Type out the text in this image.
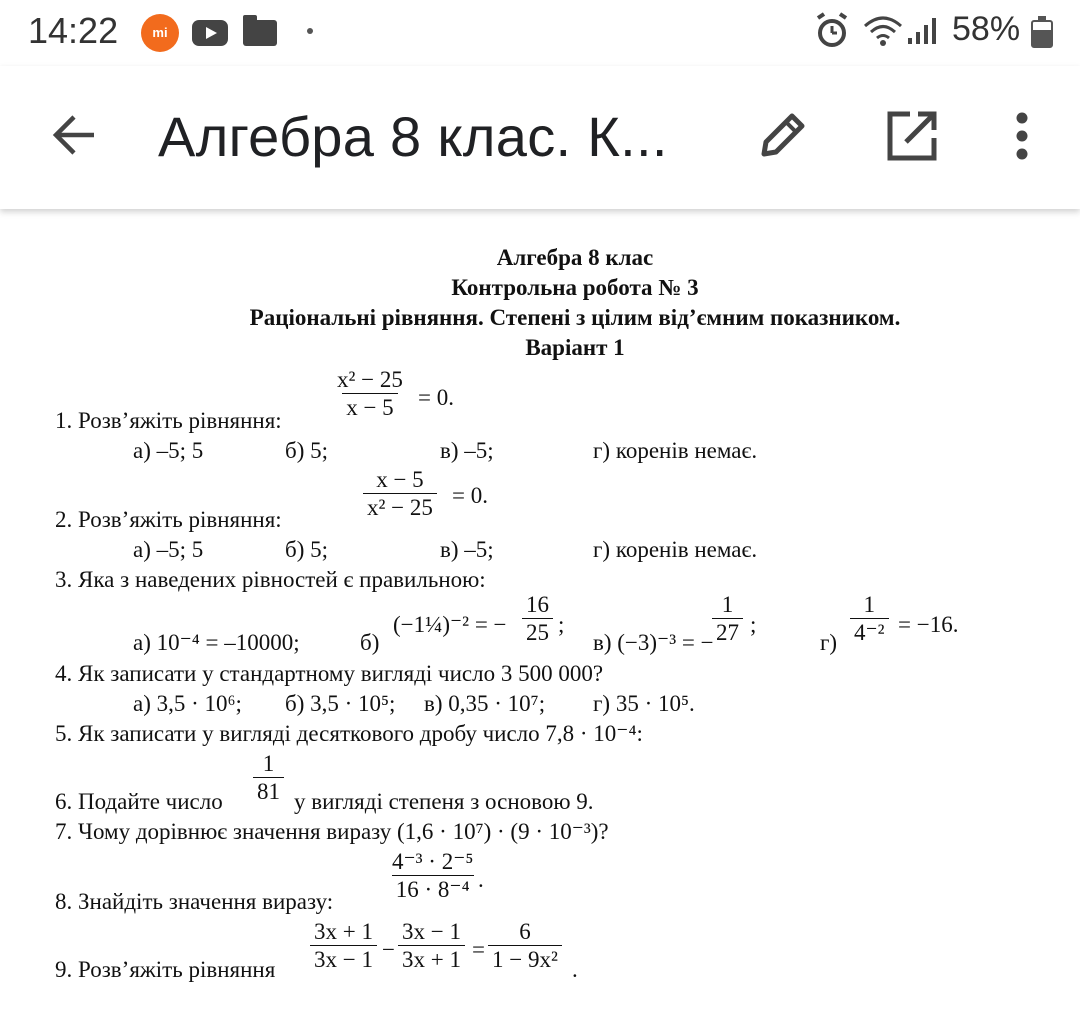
14:22	mi	58%
Алгебра 8 клас. К...
Алгебра 8 клас
Контрольна робота № 3
Раціональні рівняння. Степені з цілим від’ємним показником.
Варіант 1
$\frac{\text{x² − 25}}{x - 5} = 0$.
1. Розв’яжіть рівняння:
а) –5; 5	б) 5;	в) –5;	г) коренів немає.
$\frac{x - 5}{\text{x² − 25}} = 0$.
2. Розв’яжіть рівняння:
а) –5; 5	б) 5;	в) –5;	г) коренів немає.
3. Яка з наведених рівностей є правильною:
а) 10⁻⁴ = –10000;	б)
(−1¼)⁻² = − $\frac{16}{25}$ ;
в) (−3)⁻³ = −
$\frac{1}{27}$ ;
$г) \frac{1}{\text{4⁻²}} = -16$.
4. Як записати у стандартному вигляді число 3 500 000?
а) 3,5 · 10⁶; б) 3,5 · 10⁵; в) 0,35 · 10⁷; г) 35 · 10⁵.
5. Як записати у вигляді десяткового дробу число 7,8 · 10⁻⁴:
6. Подайте число $\frac{1}{81}$ у вигляді степеня з основою 9.
7. Чому дорівнює значення виразу (1,6 · 10⁷) · (9 · 10⁻³)?
8. Знайдіть значення виразу: $\frac{\text{4⁻³ · 2⁻⁵}}{\text{16 · 8⁻⁴}}$ .
9. Розв’яжіть рівняння $\frac{3x + 1}{3x - 1} - \frac{3x - 1}{3x + 1} = \frac{6}{\text{1 − 9x²}}$ .
